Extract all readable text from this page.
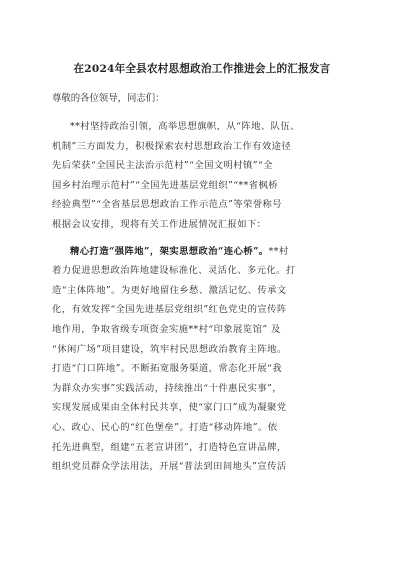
在2024年全县农村思想政治工作推进会上的汇报发言
尊敬的各位领导，同志们：
**村坚持政治引领，高举思想旗帜，从“阵地、队伍、
机制”三方面发力，积极探索农村思想政治工作有效途径
先后荣获“全国民主法治示范村”“全国文明村镇”“全
国乡村治理示范村”“全国先进基层党组织”“**省枫桥
经验典型”“全省基层思想政治工作示范点”等荣誉称号
根据会议安排，现将有关工作进展情况汇报如下：
精心打造“强阵地”，架实思想政治“连心桥”。**村
着力促进思想政治阵地建设标准化、灵活化、多元化。打
造“主体阵地”。为更好地留住乡愁、激活记忆、传承文
化，有效发挥“全国先进基层党组织”红色党史的宣传阵
地作用，争取省级专项资金实施**村“印象展览馆” 及
“休闲广场”项目建设，筑牢村民思想政治教育主阵地。
打造“门口阵地”。不断拓宽服务渠道，常态化开展“我
为群众办实事”实践活动，持续推出“十件惠民实事”，
实现发展成果由全体村民共享，使“家门口”成为凝聚党
心、政心、民心的“红色堡垒”。打造“移动阵地”。依
托先进典型，组建“五老宣讲团”，打造特色宣讲品牌，
组织党员群众学法用法，开展“普法到田间地头”宣传活
